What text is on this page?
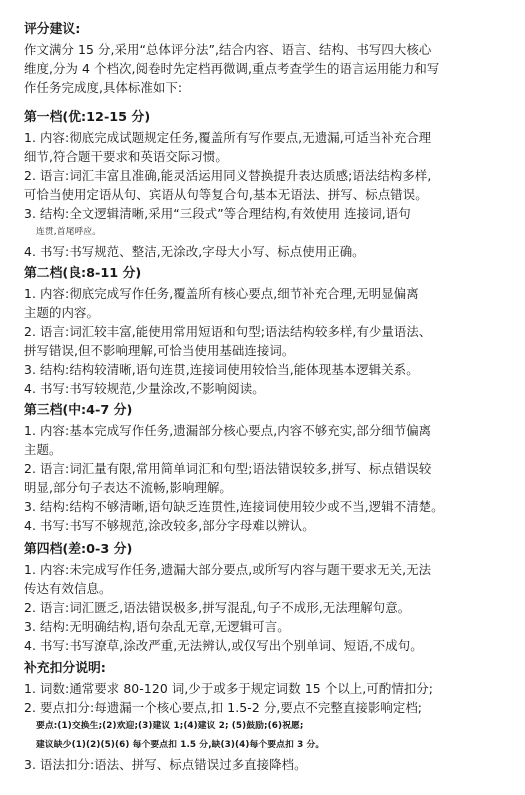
评分建议:
作文满分 15 分,采用“总体评分法”,结合内容、语言、结构、书写四大核心
维度,分为 4 个档次,阅卷时先定档再微调,重点考查学生的语言运用能力和写
作任务完成度,具体标准如下:
第一档(优:12-15 分)
1. 内容:彻底完成试题规定任务,覆盖所有写作要点,无遗漏,可适当补充合理
细节,符合题干要求和英语交际习惯。
2. 语言:词汇丰富且准确,能灵活运用同义替换提升表达质感;语法结构多样,
可恰当使用定语从句、宾语从句等复合句,基本无语法、拼写、标点错误。
3. 结构:全文逻辑清晰,采用“三段式”等合理结构,有效使用 连接词,语句
连贯,首尾呼应。
4. 书写:书写规范、整洁,无涂改,字母大小写、标点使用正确。
第二档(良:8-11 分)
1. 内容:彻底完成写作任务,覆盖所有核心要点,细节补充合理,无明显偏离
主题的内容。
2. 语言:词汇较丰富,能使用常用短语和句型;语法结构较多样,有少量语法、
拼写错误,但不影响理解,可恰当使用基础连接词。
3. 结构:结构较清晰,语句连贯,连接词使用较恰当,能体现基本逻辑关系。
4. 书写:书写较规范,少量涂改,不影响阅读。
第三档(中:4-7 分)
1. 内容:基本完成写作任务,遗漏部分核心要点,内容不够充实,部分细节偏离
主题。
2. 语言:词汇量有限,常用简单词汇和句型;语法错误较多,拼写、标点错误较
明显,部分句子表达不流畅,影响理解。
3. 结构:结构不够清晰,语句缺乏连贯性,连接词使用较少或不当,逻辑不清楚。
4. 书写:书写不够规范,涂改较多,部分字母难以辨认。
第四档(差:0-3 分)
1. 内容:未完成写作任务,遗漏大部分要点,或所写内容与题干要求无关,无法
传达有效信息。
2. 语言:词汇匮乏,语法错误极多,拼写混乱,句子不成形,无法理解句意。
3. 结构:无明确结构,语句杂乱无章,无逻辑可言。
4. 书写:书写潦草,涂改严重,无法辨认,或仅写出个别单词、短语,不成句。
补充扣分说明:
1. 词数:通常要求 80-120 词,少于或多于规定词数 15 个以上,可酌情扣分;
2. 要点扣分:每遗漏一个核心要点,扣 1.5-2 分,要点不完整直接影响定档;
要点:(1)交换生;(2)欢迎;(3)建议 1;(4)建议 2; (5)鼓励;(6)祝愿;
建议缺少(1)(2)(5)(6) 每个要点扣 1.5 分,缺(3)(4)每个要点扣 3 分。
3. 语法扣分:语法、拼写、标点错误过多直接降档。
